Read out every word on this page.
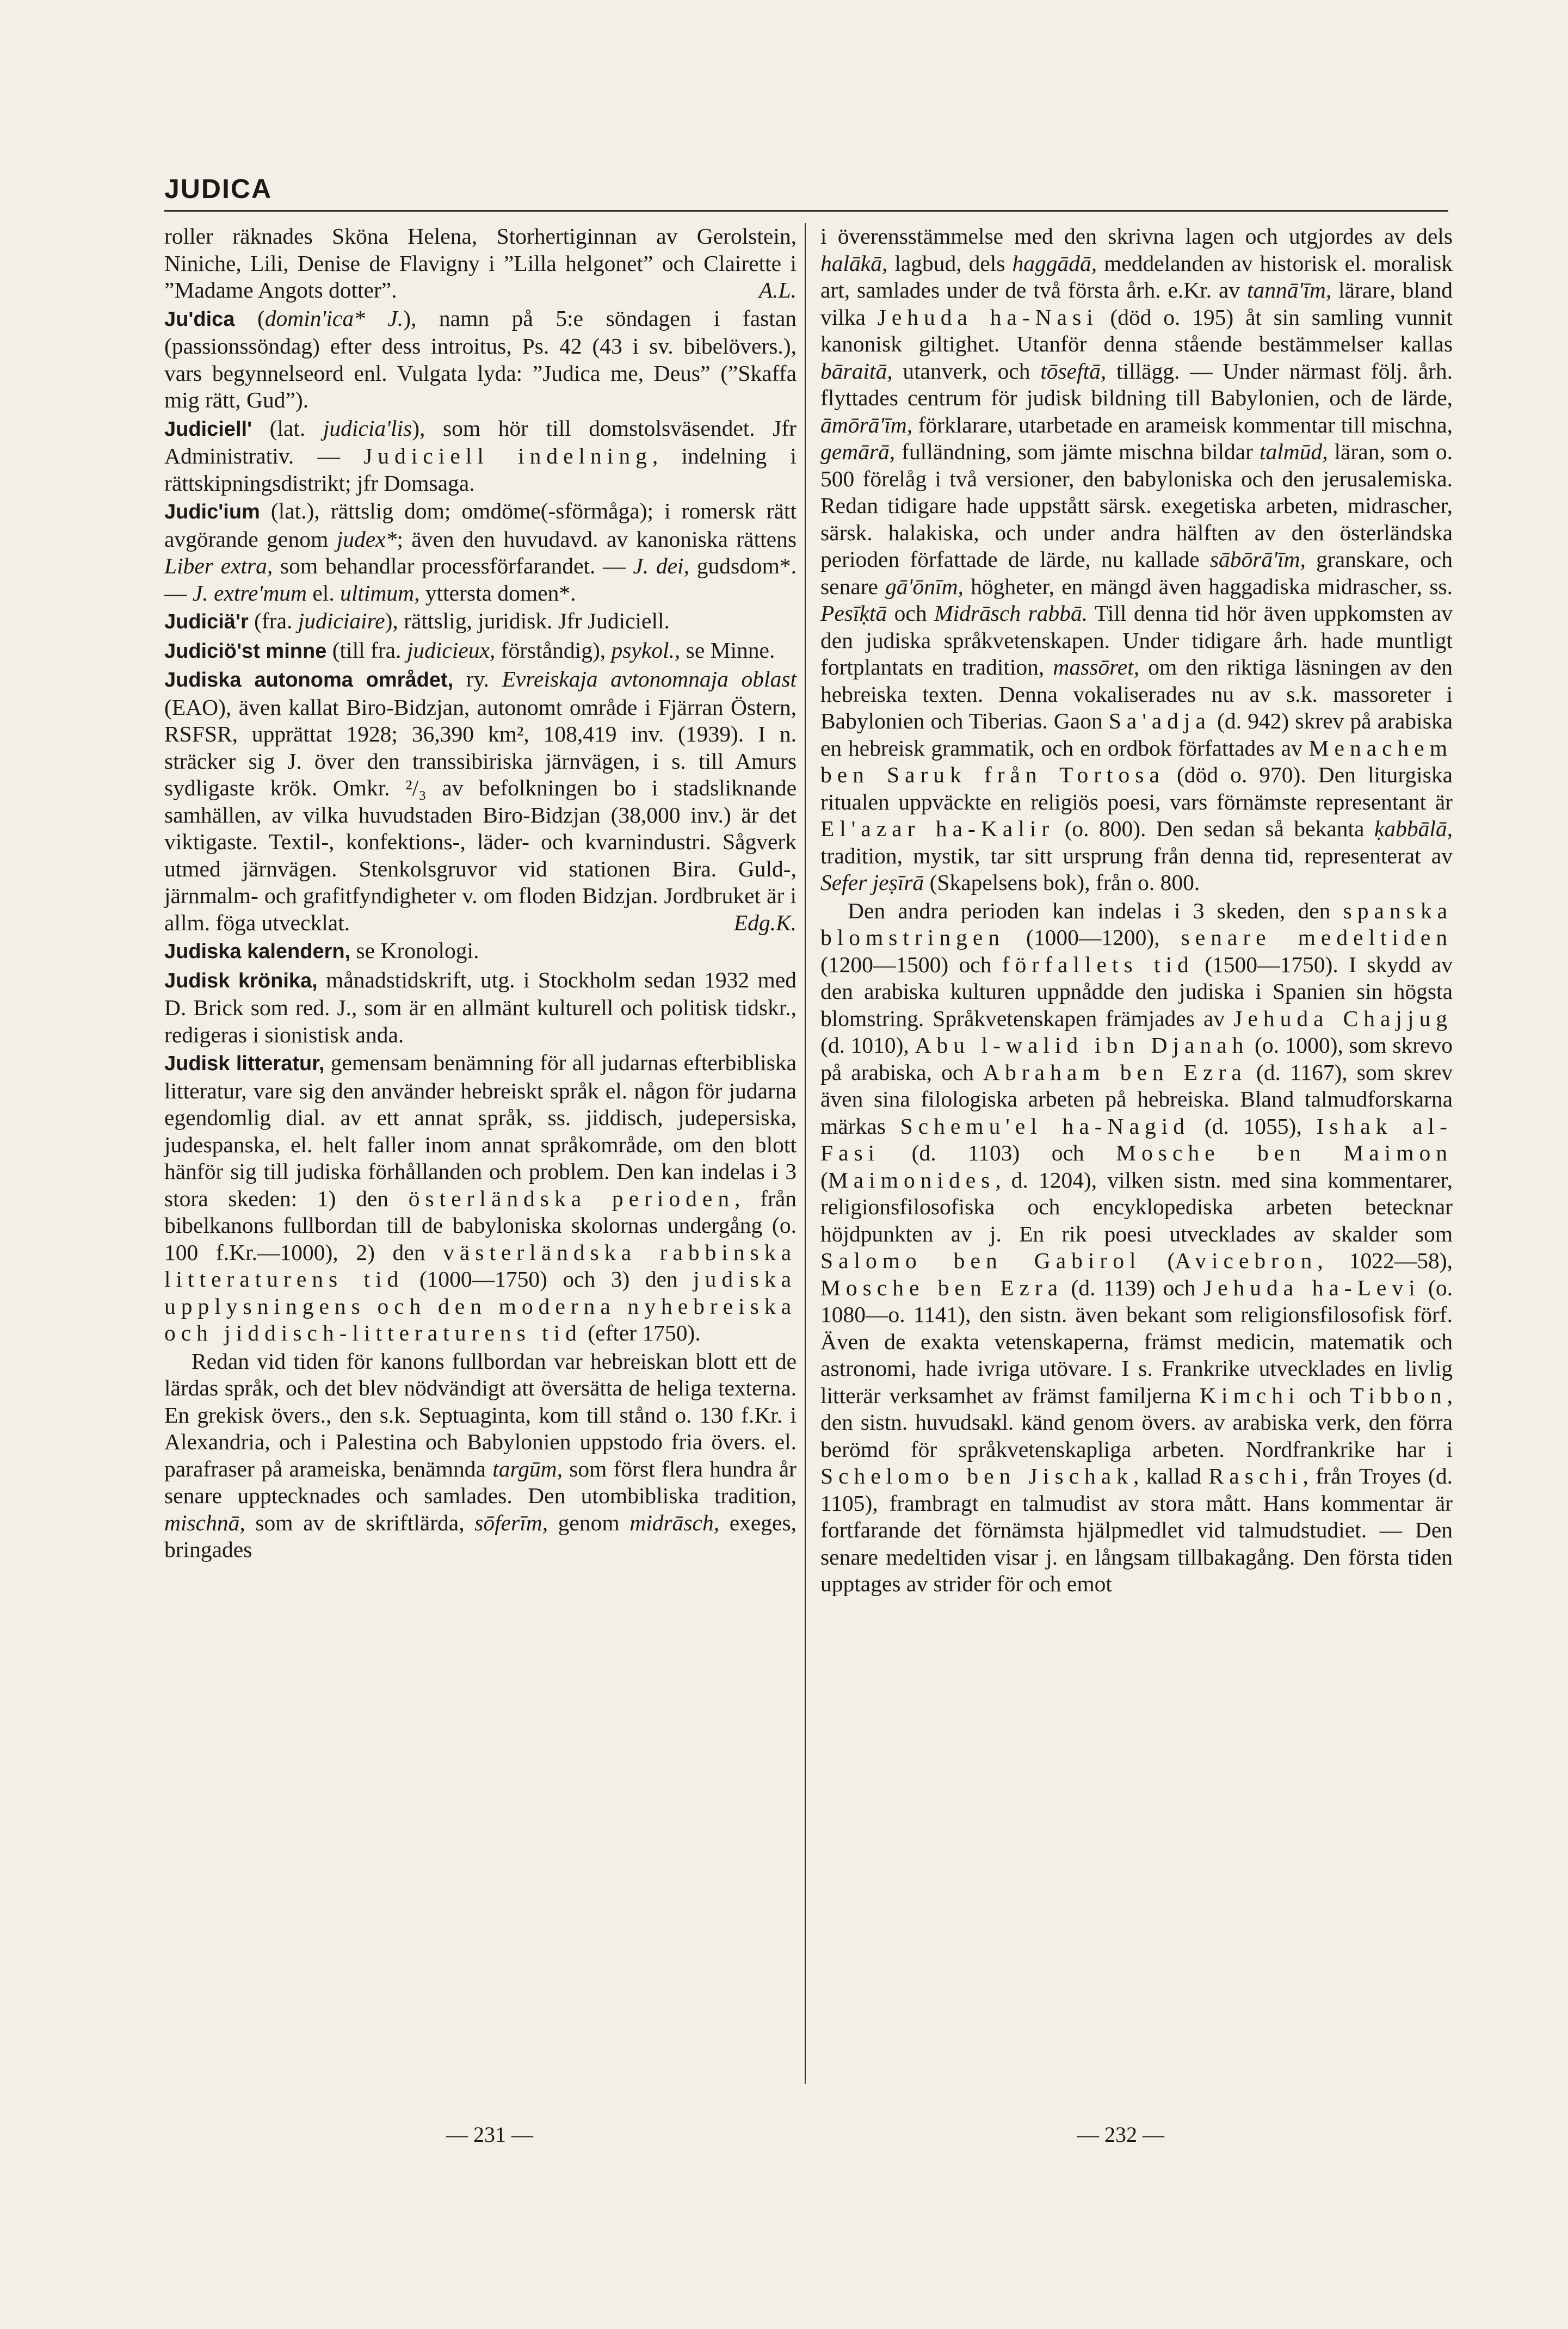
JUDICA

roller räknades Sköna Helena, Storhertiginnan av Gerolstein, Niniche, Lili, Denise de Flavigny i ”Lilla helgonet” och Clairette i ”Madame Angots dotter”.	A.L.

Ju'dica (domin'ica* J.), namn på 5:e söndagen i fastan (passionssöndag) efter dess introitus, Ps. 42 (43 i sv. bibelövers.), vars begynnelseord enl. Vulgata lyda: ”Judica me, Deus” (”Skaffa mig rätt, Gud”).

Judiciell' (lat. judicia'lis), som hör till domstolsväsendet. Jfr Administrativ. — Judiciell indelning, indelning i rättskipningsdistrikt; jfr Domsaga.

Judic'ium (lat.), rättslig dom; omdöme(-sförmåga); i romersk rätt avgörande genom judex*; även den huvudavd. av kanoniska rättens Liber extra, som behandlar processförfarandet. — J. dei, gudsdom*. — J. extre'mum el. ultimum, yttersta domen*.

Judiciä'r (fra. judiciaire), rättslig, juridisk. Jfr Judiciell.

Judiciö'st minne (till fra. judicieux, förståndig), psykol., se Minne.

Judiska autonoma området, ry. Evreiskaja avtonomnaja oblast (EAO), även kallat Biro-Bidzjan, autonomt område i Fjärran Östern, RSFSR, upprättat 1928; 36,390 km², 108,419 inv. (1939). I n. sträcker sig J. över den transsibiriska järnvägen, i s. till Amurs sydligaste krök. Omkr. ²/₃ av befolkningen bo i stadsliknande samhällen, av vilka huvudstaden Biro-Bidzjan (38,000 inv.) är det viktigaste. Textil-, konfektions-, läder- och kvarnindustri. Sågverk utmed järnvägen. Stenkolsgruvor vid stationen Bira. Guld-, järnmalm- och grafitfyndigheter v. om floden Bidzjan. Jordbruket är i allm. föga utvecklat.	Edg.K.

Judiska kalendern, se Kronologi.

Judisk krönika, månadstidskrift, utg. i Stockholm sedan 1932 med D. Brick som red. J., som är en allmänt kulturell och politisk tidskr., redigeras i sionistisk anda.

Judisk litteratur, gemensam benämning för all judarnas efterbibliska litteratur, vare sig den använder hebreiskt språk el. någon för judarna egendomlig dial. av ett annat språk, ss. jiddisch, judepersiska, judespanska, el. helt faller inom annat språkområde, om den blott hänför sig till judiska förhållanden och problem. Den kan indelas i 3 stora skeden: 1) den österländska perioden, från bibelkanons fullbordan till de babyloniska skolornas undergång (o. 100 f.Kr.—1000), 2) den västerländska rabbinska litteraturens tid (1000—1750) och 3) den judiska upplysningens och den moderna nyhebreiska och jiddisch-litteraturens tid (efter 1750).

Redan vid tiden för kanons fullbordan var hebreiskan blott ett de lärdas språk, och det blev nödvändigt att översätta de heliga texterna. En grekisk övers., den s.k. Septuaginta, kom till stånd o. 130 f.Kr. i Alexandria, och i Palestina och Babylonien uppstodo fria övers. el. parafraser på arameiska, benämnda targūm, som först flera hundra år senare upptecknades och samlades. Den utombibliska tradition, mischnā, som av de skriftlärda, sōferīm, genom midrāsch, exeges, bringades

i överensstämmelse med den skrivna lagen och utgjordes av dels halākā, lagbud, dels haggādā, meddelanden av historisk el. moralisk art, samlades under de två första årh. e.Kr. av tannā'īm, lärare, bland vilka Jehuda ha-Nasi (död o. 195) åt sin samling vunnit kanonisk giltighet. Utanför denna stående bestämmelser kallas bāraitā, utanverk, och tōseftā, tillägg. — Under närmast följ. årh. flyttades centrum för judisk bildning till Babylonien, och de lärde, āmōrā'īm, förklarare, utarbetade en arameisk kommentar till mischna, gemārā, fulländning, som jämte mischna bildar talmūd, läran, som o. 500 förelåg i två versioner, den babyloniska och den jerusalemiska. Redan tidigare hade uppstått särsk. exegetiska arbeten, midrascher, särsk. halakiska, och under andra hälften av den österländska perioden författade de lärde, nu kallade sābōrā'īm, granskare, och senare gā'ōnīm, högheter, en mängd även haggadiska midrascher, ss. Pesīḳtā och Midrāsch rabbā. Till denna tid hör även uppkomsten av den judiska språkvetenskapen. Under tidigare årh. hade muntligt fortplantats en tradition, massōret, om den riktiga läsningen av den hebreiska texten. Denna vokaliserades nu av s.k. massoreter i Babylonien och Tiberias. Gaon Sa'adja (d. 942) skrev på arabiska en hebreisk grammatik, och en ordbok författades av Menachem ben Saruk från Tortosa (död o. 970). Den liturgiska ritualen uppväckte en religiös poesi, vars förnämste representant är El'azar ha-Kalir (o. 800). Den sedan så bekanta ḳabbālā, tradition, mystik, tar sitt ursprung från denna tid, representerat av Sefer jeṣīrā (Skapelsens bok), från o. 800.

Den andra perioden kan indelas i 3 skeden, den spanska blomstringen (1000—1200), senare medeltiden (1200—1500) och förfallets tid (1500—1750). I skydd av den arabiska kulturen uppnådde den judiska i Spanien sin högsta blomstring. Språkvetenskapen främjades av Jehuda Chajjug (d. 1010), Abu l-walid ibn Djanah (o. 1000), som skrevo på arabiska, och Abraham ben Ezra (d. 1167), som skrev även sina filologiska arbeten på hebreiska. Bland talmudforskarna märkas Schemu'el ha-Nagid (d. 1055), Ishak al-Fasi (d. 1103) och Mosche ben Maimon (Maimonides, d. 1204), vilken sistn. med sina kommentarer, religionsfilosofiska och encyklopediska arbeten betecknar höjdpunkten av j. En rik poesi utvecklades av skalder som Salomo ben Gabirol (Avicebron, 1022—58), Mosche ben Ezra (d. 1139) och Jehuda ha-Levi (o. 1080—o. 1141), den sistn. även bekant som religionsfilosofisk förf. Även de exakta vetenskaperna, främst medicin, matematik och astronomi, hade ivriga utövare. I s. Frankrike utvecklades en livlig litterär verksamhet av främst familjerna Kimchi och Tibbon, den sistn. huvudsakl. känd genom övers. av arabiska verk, den förra berömd för språkvetenskapliga arbeten. Nordfrankrike har i Schelomo ben Jischak, kallad Raschi, från Troyes (d. 1105), frambragt en talmudist av stora mått. Hans kommentar är fortfarande det förnämsta hjälpmedlet vid talmudstudiet. — Den senare medeltiden visar j. en långsam tillbakagång. Den första tiden upptages av strider för och emot

— 231 —	— 232 —
